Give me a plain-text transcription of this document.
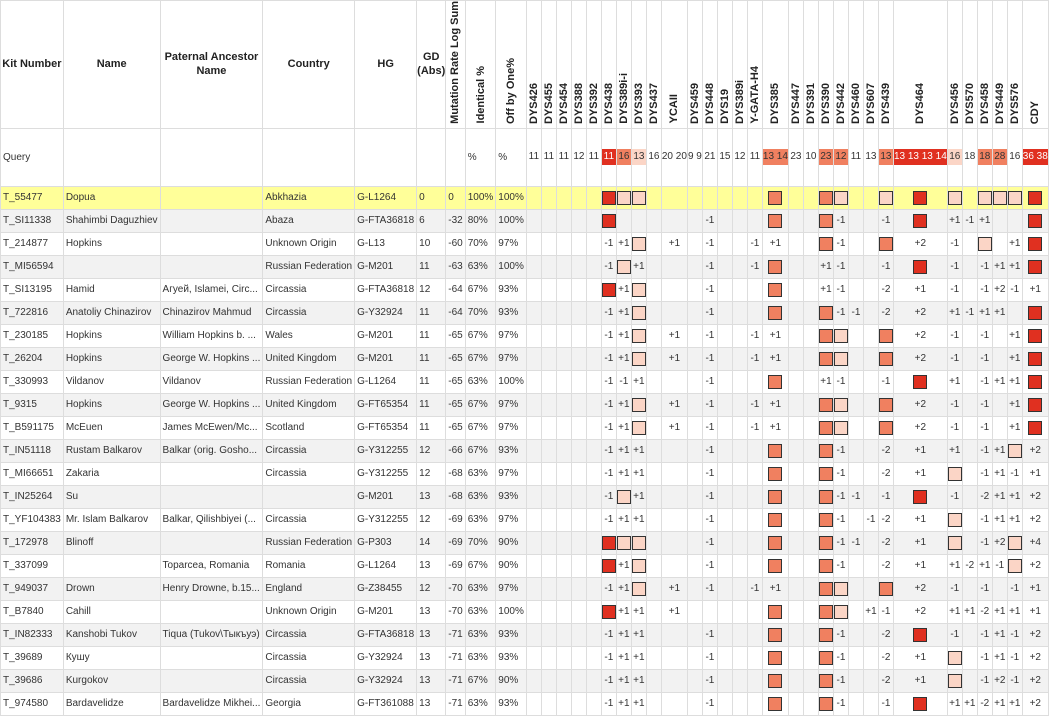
Kit Number	Name	Paternal Ancestor Name	Country	HG	GD (Abs)	Mutation Rate Log Sum	Identical %	Off by One%	DYS426	DYS455	DYS454	DYS388	DYS392	DYS438	DYS389i-i	DYS393	DYS437	YCAII	DYS459	DYS448	DYS19	DYS389i	Y-GATA-H4	DYS385	DYS447	DYS391	DYS390	DYS442	DYS460	DYS607	DYS439	DYS464	DYS456	DYS570	DYS458	DYS449	DYS576	CDY

Query							%	%	11	11	11	12	11	11	16	13	16	20 20	9 9	21	15	12	11	13 14	23	10	23	12	11	13	13	13 13 13 14	16	18	18	28	16	36 38

T_55477	Dopua		Abkhazia	G-L1264	0	0	100%	100%																														
T_SI11338	Shahimbi Daguzhiev		Abaza	G-FTA36818	6	-32	80%	100%												-1								-1			-1		+1	-1	+1			
T_214877	Hopkins		Unknown Origin	G-L13	10	-60	70%	97%						-1	+1			+1		-1			-1	+1				-1				+2	-1				+1	
T_MI56594			Russian Federation	G-M201	11	-63	63%	100%						-1		+1				-1			-1				+1	-1			-1		-1		-1	+1	+1	
T_SI13195	Hamid	Агуей, Islamei, Circ...	Circassia	G-FTA36818	12	-64	67%	93%							+1					-1							+1	-1			-2	+1	-1		-1	+2	-1	+1
T_722816	Anatoliy Chinazirov	Chinazirov Mahmud	Circassia	G-Y32924	11	-64	70%	93%						-1	+1					-1								-1	-1		-2	+2	+1	-1	+1	+1		
T_230185	Hopkins	William Hopkins b. ...	Wales	G-M201	11	-65	67%	97%						-1	+1			+1		-1			-1	+1								+2	-1		-1		+1	
T_26204	Hopkins	George W. Hopkins ...	United Kingdom	G-M201	11	-65	67%	97%						-1	+1			+1		-1			-1	+1								+2	-1		-1		+1	
T_330993	Vildanov	Vildanov	Russian Federation	G-L1264	11	-65	63%	100%						-1	-1	+1				-1							+1	-1			-1		+1		-1	+1	+1	
T_9315	Hopkins	George W. Hopkins ...	United Kingdom	G-FT65354	11	-65	67%	97%						-1	+1			+1		-1			-1	+1								+2	-1		-1		+1	
T_B591175	McEuen	James McEwen/Mc...	Scotland	G-FT65354	11	-65	67%	97%						-1	+1			+1		-1			-1	+1								+2	-1		-1		+1	
T_IN51118	Rustam Balkarov	Balkar (orig. Gosho...	Circassia	G-Y312255	12	-66	67%	93%						-1	+1	+1				-1								-1			-2	+1	+1		-1	+1		+2
T_MI66651	Zakaria		Circassia	G-Y312255	12	-68	63%	97%						-1	+1	+1				-1								-1			-2	+1			-1	+1	-1	+1
T_IN25264	Su			G-M201	13	-68	63%	93%						-1		+1				-1								-1	-1		-1		-1		-2	+1	+1	+2
T_YF104383	Mr. Islam Balkarov	Balkar, Qilishbiyei (...	Circassia	G-Y312255	12	-69	63%	97%						-1	+1	+1				-1								-1		-1	-2	+1			-1	+1	+1	+2
T_172978	Blinoff		Russian Federation	G-P303	14	-69	70%	90%												-1								-1	-1		-2	+1			-1	+2		+4
T_337099		Toparcea, Romania	Romania	G-L1264	13	-69	67%	90%							+1					-1								-1			-2	+1	+1	-2	+1	-1		+2
T_949037	Drown	Henry Drowne, b.15...	England	G-Z38455	12	-70	63%	97%						-1	+1			+1		-1			-1	+1								+2	-1		-1		-1	+1
T_B7840	Cahill		Unknown Origin	G-M201	13	-70	63%	100%							+1	+1		+1												+1	-1	+2	+1	+1	-2	+1	+1	+1
T_IN82333	Kanshobi Tukov	Tiqua (Tukov\Тыкъуэ)	Circassia	G-FTA36818	13	-71	63%	93%						-1	+1	+1				-1								-1			-2		-1		-1	+1	-1	+2
T_39689	Кушу		Circassia	G-Y32924	13	-71	63%	93%						-1	+1	+1				-1								-1			-2	+1			-1	+1	-1	+2
T_39686	Kurgokov		Circassia	G-Y32924	13	-71	67%	90%						-1	+1	+1				-1								-1			-2	+1			-1	+2	-1	+2
T_974580	Bardavelidze	Bardavelidze Mikhei...	Georgia	G-FT361088	13	-71	63%	93%						-1	+1	+1				-1								-1			-1		+1	+1	-2	+1	+1	+2
